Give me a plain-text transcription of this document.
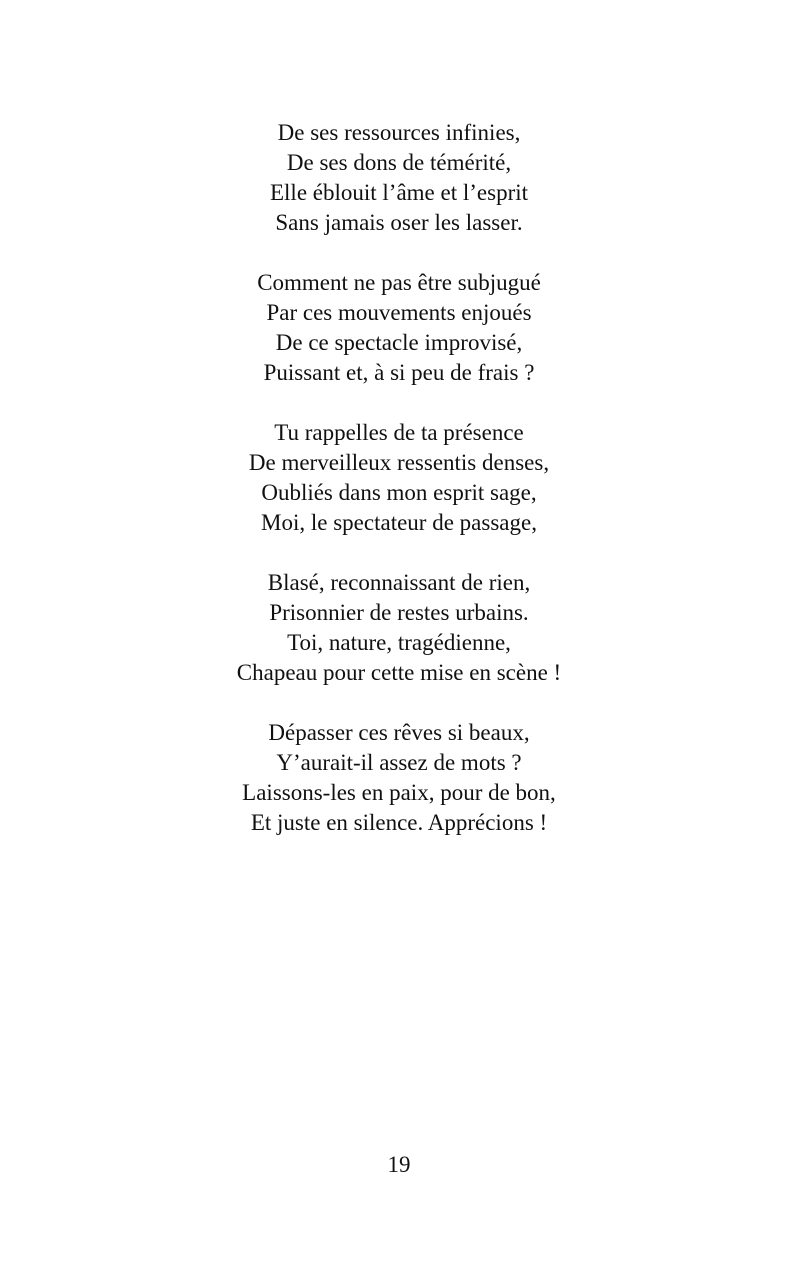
De ses ressources infinies,
De ses dons de témérité,
Elle éblouit l’âme et l’esprit
Sans jamais oser les lasser.
Comment ne pas être subjugué
Par ces mouvements enjoués
De ce spectacle improvisé,
Puissant et, à si peu de frais ?
Tu rappelles de ta présence
De merveilleux ressentis denses,
Oubliés dans mon esprit sage,
Moi, le spectateur de passage,
Blasé, reconnaissant de rien,
Prisonnier de restes urbains.
Toi, nature, tragédienne,
Chapeau pour cette mise en scène !
Dépasser ces rêves si beaux,
Y’aurait-il assez de mots ?
Laissons-les en paix, pour de bon,
Et juste en silence. Apprécions !
19
